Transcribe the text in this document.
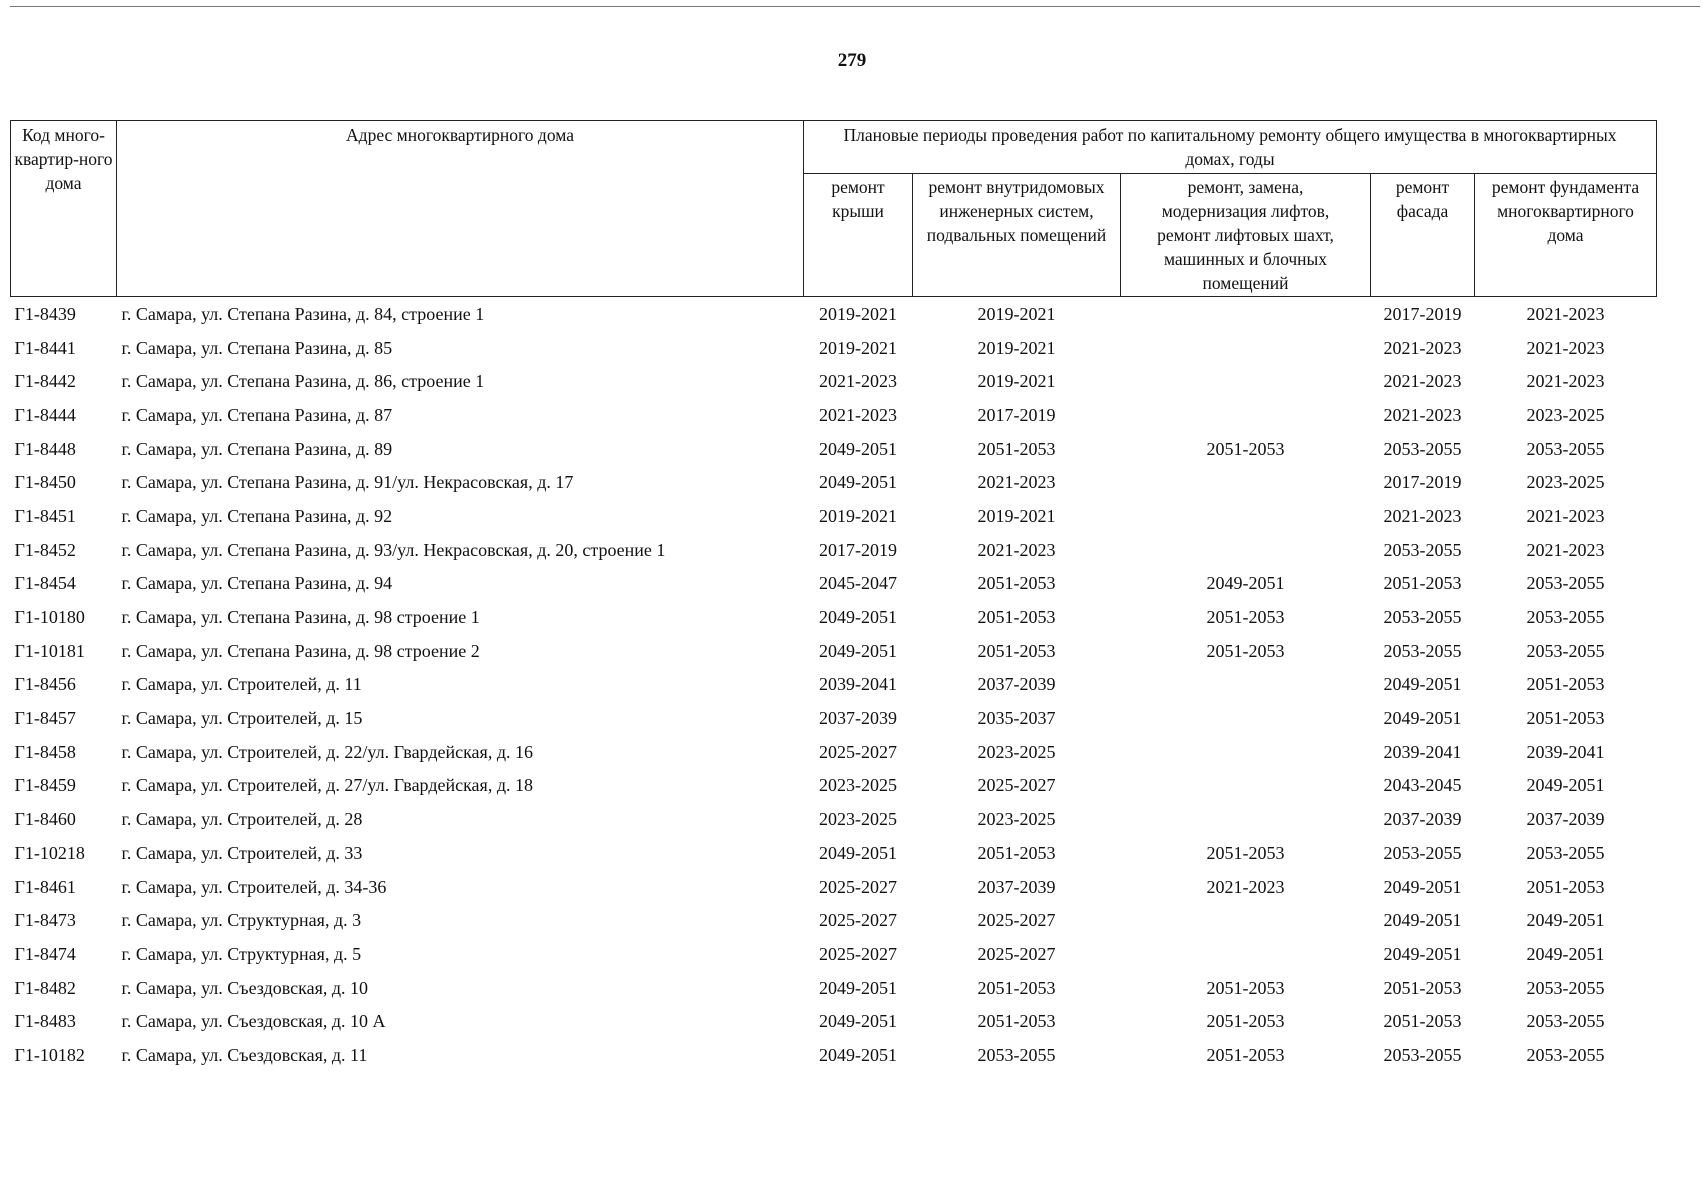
279
Код много-квартир-ного дома	Адрес многоквартирного дома	Плановые периоды проведения работ по капитальному ремонту общего имущества в многоквартирных домах, годы				
		ремонт крыши	ремонт внутридомовых инженерных систем, подвальных помещений	ремонт, замена, модернизация лифтов, ремонт лифтовых шахт, машинных и блочных помещений	ремонт фасада	ремонт фундамента многоквартирного дома
Г1-8439	г. Самара, ул. Степана Разина, д. 84, строение 1	2019-2021	2019-2021		2017-2019	2021-2023
Г1-8441	г. Самара, ул. Степана Разина, д. 85	2019-2021	2019-2021		2021-2023	2021-2023
Г1-8442	г. Самара, ул. Степана Разина, д. 86, строение 1	2021-2023	2019-2021		2021-2023	2021-2023
Г1-8444	г. Самара, ул. Степана Разина, д. 87	2021-2023	2017-2019		2021-2023	2023-2025
Г1-8448	г. Самара, ул. Степана Разина, д. 89	2049-2051	2051-2053	2051-2053	2053-2055	2053-2055
Г1-8450	г. Самара, ул. Степана Разина, д. 91/ул. Некрасовская, д. 17	2049-2051	2021-2023		2017-2019	2023-2025
Г1-8451	г. Самара, ул. Степана Разина, д. 92	2019-2021	2019-2021		2021-2023	2021-2023
Г1-8452	г. Самара, ул. Степана Разина, д. 93/ул. Некрасовская, д. 20, строение 1	2017-2019	2021-2023		2053-2055	2021-2023
Г1-8454	г. Самара, ул. Степана Разина, д. 94	2045-2047	2051-2053	2049-2051	2051-2053	2053-2055
Г1-10180	г. Самара, ул. Степана Разина, д. 98 строение 1	2049-2051	2051-2053	2051-2053	2053-2055	2053-2055
Г1-10181	г. Самара, ул. Степана Разина, д. 98 строение 2	2049-2051	2051-2053	2051-2053	2053-2055	2053-2055
Г1-8456	г. Самара, ул. Строителей, д. 11	2039-2041	2037-2039		2049-2051	2051-2053
Г1-8457	г. Самара, ул. Строителей, д. 15	2037-2039	2035-2037		2049-2051	2051-2053
Г1-8458	г. Самара, ул. Строителей, д. 22/ул. Гвардейская, д. 16	2025-2027	2023-2025		2039-2041	2039-2041
Г1-8459	г. Самара, ул. Строителей, д. 27/ул. Гвардейская, д. 18	2023-2025	2025-2027		2043-2045	2049-2051
Г1-8460	г. Самара, ул. Строителей, д. 28	2023-2025	2023-2025		2037-2039	2037-2039
Г1-10218	г. Самара, ул. Строителей, д. 33	2049-2051	2051-2053	2051-2053	2053-2055	2053-2055
Г1-8461	г. Самара, ул. Строителей, д. 34-36	2025-2027	2037-2039	2021-2023	2049-2051	2051-2053
Г1-8473	г. Самара, ул. Структурная, д. 3	2025-2027	2025-2027		2049-2051	2049-2051
Г1-8474	г. Самара, ул. Структурная, д. 5	2025-2027	2025-2027		2049-2051	2049-2051
Г1-8482	г. Самара, ул. Съездовская, д. 10	2049-2051	2051-2053	2051-2053	2051-2053	2053-2055
Г1-8483	г. Самара, ул. Съездовская, д. 10 А	2049-2051	2051-2053	2051-2053	2051-2053	2053-2055
Г1-10182	г. Самара, ул. Съездовская, д. 11	2049-2051	2053-2055	2051-2053	2053-2055	2053-2055
